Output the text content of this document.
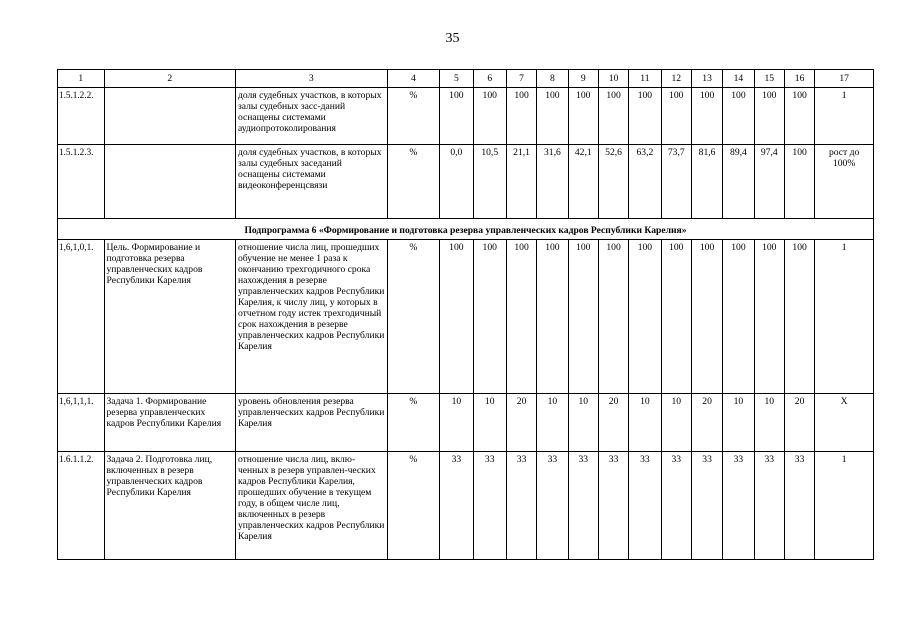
35
1	2	3	4	5	6	7	8	9	10	11	12	13	14	15	16	17
1.5.1.2.2.		доля судебных участков, в которых залы судебных засс-даний оснащены системами аудиопротоколирования	%	100	100	100	100	100	100	100	100	100	100	100	100	1
1.5.1.2.3.		доля судебных участков, в которых залы судебных заседаний оснащены системами видеоконференцсвязи	%	0,0	10,5	21,1	31,6	42,1	52,6	63,2	73,7	81,6	89,4	97,4	100	рост до 100%
Подпрограмма 6 «Формирование и подготовка резерва управленческих кадров Республики Карелия»																
1,6,1,0,1.	Цель. Формирование и подготовка резерва управленческих кадров Республики Карелия	отношение числа лиц, прошедших обучение не менее 1 раза к окончанию трехгодичного срока нахождения в резерве управленческих кадров Республики Карелия, к числу лиц, у которых в отчетном году истек трехгодичный срок нахождения в резерве управленческих кадров Республики Карелия	%	100	100	100	100	100	100	100	100	100	100	100	100	1
1,6,1,1,1.	Задача 1. Формирование резерва управленческих кадров Республики Карелия	уровень обновления резерва управленческих кадров Республики Карелия	%	10	10	20	10	10	20	10	10	20	10	10	20	X
1.6.1.1.2.	Задача 2. Подготовка лиц, включенных в резерв управленческих кадров Республики Карелия	отношение числа лиц, вклю-ченных в резерв управлен-ческих кадров Республики Карелия, прошедших обучение в текущем году, в общем числе лиц, включенных в резерв управленческих кадров Республики Карелия	%	33	33	33	33	33	33	33	33	33	33	33	33	1
